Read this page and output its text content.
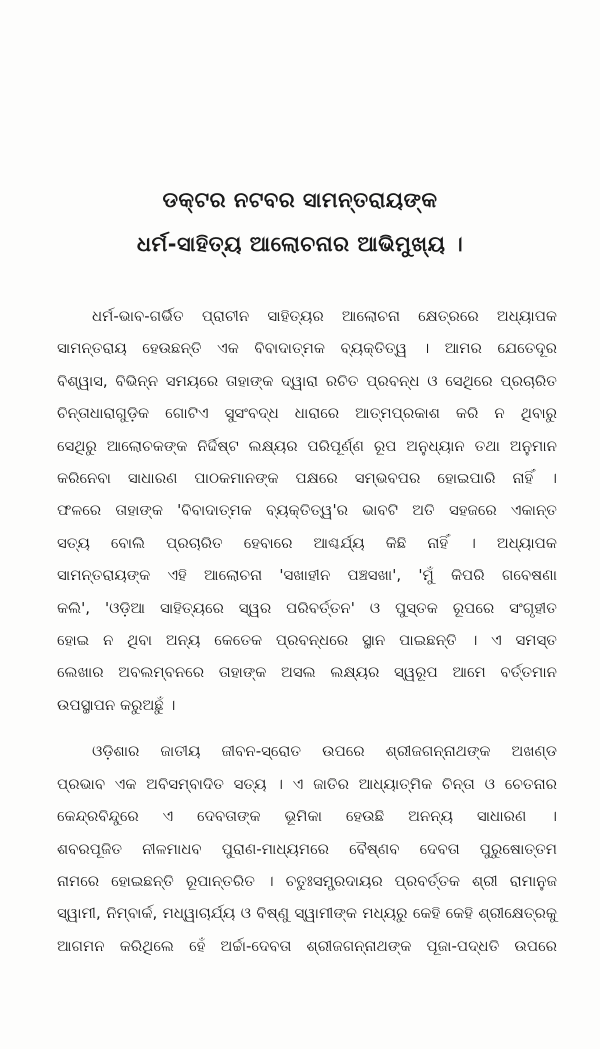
ଡକ୍ଟର ନଟବର ସାମନ୍ତରାୟଙ୍କ
ଧର୍ମ-ସାହିତ୍ୟ ଆଲୋଚନାର ଆଭିମୁଖ୍ୟ ।
ଧର୍ମ-ଭାବ-ଗର୍ଭିତ ପ୍ରାଚୀନ ସାହିତ୍ୟର ଆଲୋଚନା କ୍ଷେତ୍ରରେ ଅଧ୍ୟାପକ
ସାମନ୍ତରାୟ ହେଉଛନ୍ତି ଏକ ବିବାଦାତ୍ମକ ବ୍ୟକ୍ତିତ୍ୱ । ଆମର ଯେତେଦୂର
ବିଶ୍ୱାସ, ବିଭିନ୍ନ ସମୟରେ ତାହାଙ୍କ ଦ୍ୱାରା ରଚିତ ପ୍ରବନ୍ଧ ଓ ସେଥିରେ ପ୍ରଚାରିତ
ଚିନ୍ତାଧାରାଗୁଡ଼ିକ ଗୋଟିଏ ସୁସଂବଦ୍ଧ ଧାରାରେ ଆତ୍ମପ୍ରକାଶ କରି ନ ଥିବାରୁ
ସେଥିରୁ ଆଲୋଚକଙ୍କ ନିର୍ଦ୍ଦିଷ୍ଟ ଲକ୍ଷ୍ୟର ପରିପୂର୍ଣ୍ଣ ରୂପ ଅନୁଧ୍ୟାନ ତଥା ଅନୁମାନ
କରିନେବା ସାଧାରଣ ପାଠକମାନଙ୍କ ପକ୍ଷରେ ସମ୍ଭବପର ହୋଇପାରି ନାହିଁ ।
ଫଳରେ ତାହାଙ୍କ 'ବିବାଦାତ୍ମକ ବ୍ୟକ୍ତିତ୍ୱ'ର ଭାବଟି ଅତି ସହଜରେ ଏକାନ୍ତ
ସତ୍ୟ ବୋଲି ପ୍ରଚାରିତ ହେବାରେ ଆଶ୍ଚର୍ଯ୍ୟ କିଛି ନାହିଁ । ଅଧ୍ୟାପକ
ସାମନ୍ତରାୟଙ୍କ ଏହି ଆଲୋଚନା 'ସଖାହୀନ ପଞ୍ଚସଖା', 'ମୁଁ କିପରି ଗବେଷଣା
କଲି', 'ଓଡ଼ିଆ ସାହିତ୍ୟରେ ସ୍ୱର ପରିବର୍ତ୍ତନ' ଓ ପୁସ୍ତକ ରୂପରେ ସଂଗୃହୀତ
ହୋଇ ନ ଥିବା ଅନ୍ୟ କେତେକ ପ୍ରବନ୍ଧରେ ସ୍ଥାନ ପାଇଛନ୍ତି । ଏ ସମସ୍ତ
ଲେଖାର ଅବଲମ୍ବନରେ ତାହାଙ୍କ ଅସଲ ଲକ୍ଷ୍ୟର ସ୍ୱରୂପ ଆମେ ବର୍ତ୍ତମାନ
ଉପସ୍ଥାପନ କରୁଅଛୁଁ ।
ଓଡ଼ିଶାର ଜାତୀୟ ଜୀବନ-ସ୍ରୋତ ଉପରେ ଶ୍ରୀଜଗନ୍ନାଥଙ୍କ ଅଖଣ୍ଡ
ପ୍ରଭାବ ଏକ ଅବିସମ୍ବାଦିତ ସତ୍ୟ । ଏ ଜାତିର ଆଧ୍ୟାତ୍ମିକ ଚିନ୍ତା ଓ ଚେତନାର
କେନ୍ଦ୍ରବିନ୍ଦୁରେ ଏ ଦେବତାଙ୍କ ଭୂମିକା ହେଉଛି ଅନନ୍ୟ ସାଧାରଣ ।
ଶବରପୂଜିତ ନୀଳମାଧବ ପୁରାଣ-ମାଧ୍ୟମରେ ବୈଷ୍ଣବ ଦେବତା ପୁରୁଷୋତ୍ତମ
ନାମରେ ହୋଇଛନ୍ତି ରୂପାନ୍ତରିତ । ଚତୁଃସମ୍ପ୍ରଦାୟର ପ୍ରବର୍ତ୍ତକ ଶ୍ରୀ ରାମାନୁଜ
ସ୍ୱାମୀ, ନିମ୍ବାର୍କ, ମଧ୍ୱାଚାର୍ଯ୍ୟ ଓ ବିଷ୍ଣୁ ସ୍ୱାମୀଙ୍କ ମଧ୍ୟରୁ କେହି କେହି ଶ୍ରୀକ୍ଷେତ୍ରକୁ
ଆଗମନ କରିଥିଲେ ହେଁ ଅର୍ଚ୍ଚା-ଦେବତା ଶ୍ରୀଜଗନ୍ନାଥଙ୍କ ପୂଜା-ପଦ୍ଧତି ଉପରେ
